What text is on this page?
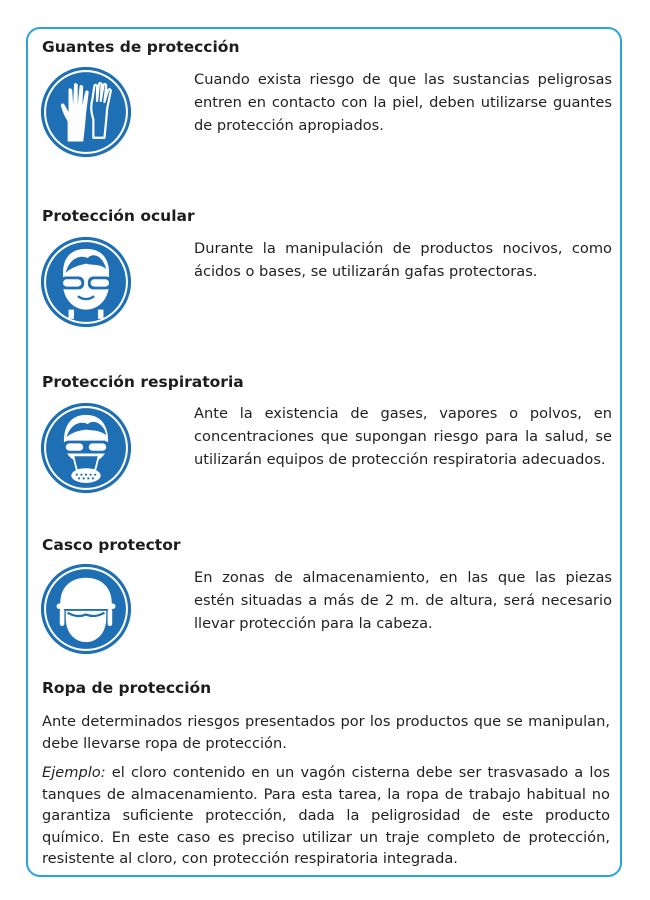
Guantes de protección

Cuando exista riesgo de que las sustancias peligrosas entren en contacto con la piel, deben utilizarse guantes de protección apropiados.

Protección ocular

Durante la manipulación de productos nocivos, como ácidos o bases, se utilizarán gafas protectoras.

Protección respiratoria

Ante la existencia de gases, vapores o polvos, en concentraciones que supongan riesgo para la salud, se utilizarán equipos de protección respiratoria adecuados.

Casco protector

En zonas de almacenamiento, en las que las piezas estén situadas a más de 2 m. de altura, será necesario llevar protección para la cabeza.

Ropa de protección

Ante determinados riesgos presentados por los productos que se manipulan, debe llevarse ropa de protección.

Ejemplo: el cloro contenido en un vagón cisterna debe ser trasvasado a los tanques de almacenamiento. Para esta tarea, la ropa de trabajo habitual no garantiza suficiente protección, dada la peligrosidad de este producto químico. En este caso es preciso utilizar un traje completo de protección, resistente al cloro, con protección respiratoria integrada.
